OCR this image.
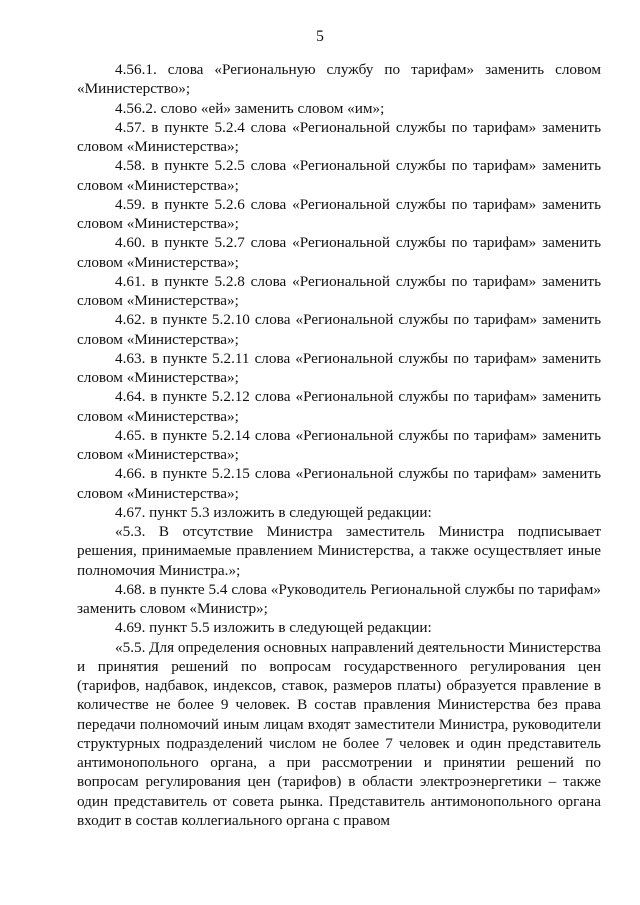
5

4.56.1. слова «Региональную службу по тарифам» заменить словом «Министерство»;

4.56.2. слово «ей» заменить словом «им»;

4.57. в пункте 5.2.4 слова «Региональной службы по тарифам» заменить словом «Министерства»;

4.58. в пункте 5.2.5 слова «Региональной службы по тарифам» заменить словом «Министерства»;

4.59. в пункте 5.2.6 слова «Региональной службы по тарифам» заменить словом «Министерства»;

4.60. в пункте 5.2.7 слова «Региональной службы по тарифам» заменить словом «Министерства»;

4.61. в пункте 5.2.8 слова «Региональной службы по тарифам» заменить словом «Министерства»;

4.62. в пункте 5.2.10 слова «Региональной службы по тарифам» заменить словом «Министерства»;

4.63. в пункте 5.2.11 слова «Региональной службы по тарифам» заменить словом «Министерства»;

4.64. в пункте 5.2.12 слова «Региональной службы по тарифам» заменить словом «Министерства»;

4.65. в пункте 5.2.14 слова «Региональной службы по тарифам» заменить словом «Министерства»;

4.66. в пункте 5.2.15 слова «Региональной службы по тарифам» заменить словом «Министерства»;

4.67. пункт 5.3 изложить в следующей редакции:

«5.3. В отсутствие Министра заместитель Министра подписывает решения, принимаемые правлением Министерства, а также осуществляет иные полномочия Министра.»;

4.68. в пункте 5.4 слова «Руководитель Региональной службы по тарифам» заменить словом «Министр»;

4.69. пункт 5.5 изложить в следующей редакции:

«5.5. Для определения основных направлений деятельности Министерства и принятия решений по вопросам государственного регулирования цен (тарифов, надбавок, индексов, ставок, размеров платы) образуется правление в количестве не более 9 человек. В состав правления Министерства без права передачи полномочий иным лицам входят заместители Министра, руководители структурных подразделений числом не более 7 человек и один представитель антимонопольного органа, а при рассмотрении и принятии решений по вопросам регулирования цен (тарифов) в области электроэнергетики – также один представитель от совета рынка. Представитель антимонопольного органа входит в состав коллегиального органа с правом
